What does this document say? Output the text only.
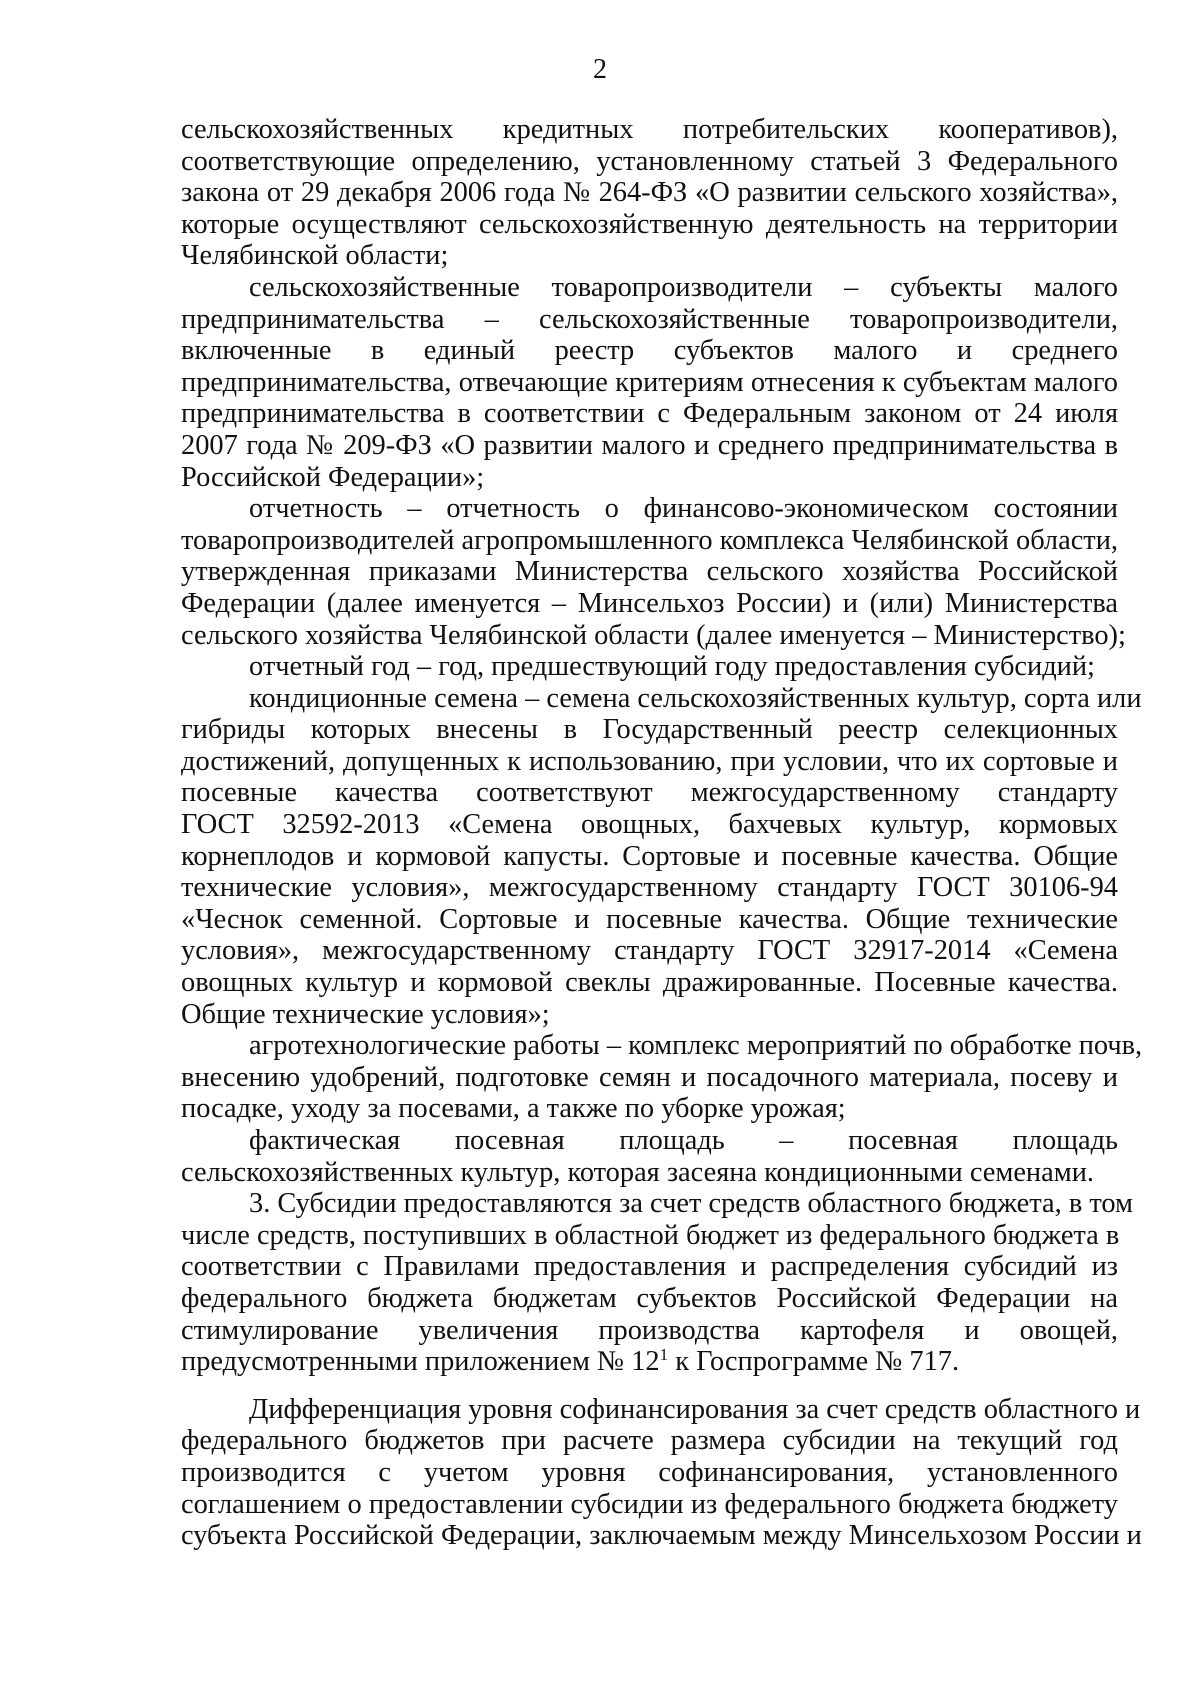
2
сельскохозяйственных кредитных потребительских кооперативов),
соответствующие определению, установленному статьей 3 Федерального
закона от 29 декабря 2006 года № 264-ФЗ «О развитии сельского хозяйства»,
которые осуществляют сельскохозяйственную деятельность на территории
Челябинской области;
сельскохозяйственные товаропроизводители – субъекты малого
предпринимательства – сельскохозяйственные товаропроизводители,
включенные в единый реестр субъектов малого и среднего
предпринимательства, отвечающие критериям отнесения к субъектам малого
предпринимательства в соответствии с Федеральным законом от 24 июля
2007 года № 209-ФЗ «О развитии малого и среднего предпринимательства в
Российской Федерации»;
отчетность – отчетность о финансово-экономическом состоянии
товаропроизводителей агропромышленного комплекса Челябинской области,
утвержденная приказами Министерства сельского хозяйства Российской
Федерации (далее именуется – Минсельхоз России) и (или) Министерства
сельского хозяйства Челябинской области (далее именуется – Министерство);
отчетный год – год, предшествующий году предоставления субсидий;
кондиционные семена – семена сельскохозяйственных культур, сорта или
гибриды которых внесены в Государственный реестр селекционных
достижений, допущенных к использованию, при условии, что их сортовые и
посевные качества соответствуют межгосударственному стандарту
ГОСТ 32592-2013 «Семена овощных, бахчевых культур, кормовых
корнеплодов и кормовой капусты. Сортовые и посевные качества. Общие
технические условия», межгосударственному стандарту ГОСТ 30106-94
«Чеснок семенной. Сортовые и посевные качества. Общие технические
условия», межгосударственному стандарту ГОСТ 32917-2014 «Семена
овощных культур и кормовой свеклы дражированные. Посевные качества.
Общие технические условия»;
агротехнологические работы – комплекс мероприятий по обработке почв,
внесению удобрений, подготовке семян и посадочного материала, посеву и
посадке, уходу за посевами, а также по уборке урожая;
фактическая посевная площадь – посевная площадь
сельскохозяйственных культур, которая засеяна кондиционными семенами.
3. Субсидии предоставляются за счет средств областного бюджета, в том
числе средств, поступивших в областной бюджет из федерального бюджета в
соответствии с Правилами предоставления и распределения субсидий из
федерального бюджета бюджетам субъектов Российской Федерации на
стимулирование увеличения производства картофеля и овощей,
предусмотренными приложением № $12^1$ к Госпрограмме № 717.
Дифференциация уровня софинансирования за счет средств областного и
федерального бюджетов при расчете размера субсидии на текущий год
производится с учетом уровня софинансирования, установленного
соглашением о предоставлении субсидии из федерального бюджета бюджету
субъекта Российской Федерации, заключаемым между Минсельхозом России и
